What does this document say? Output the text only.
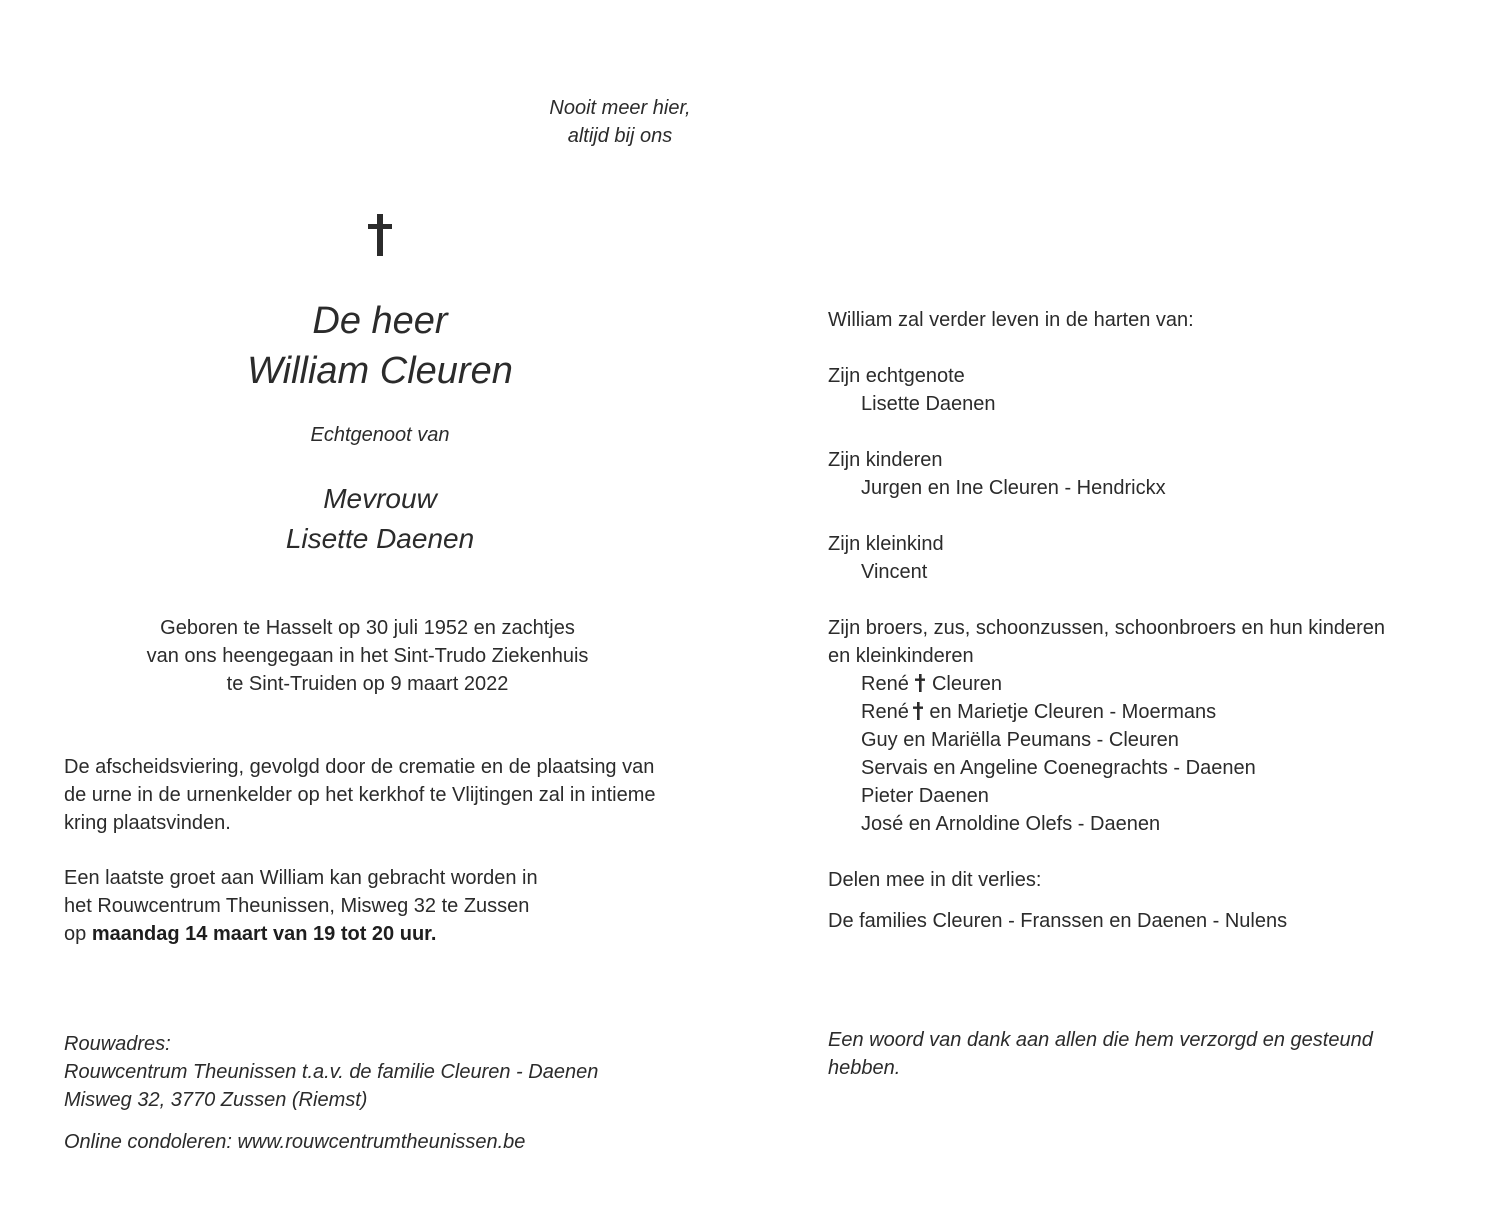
Nooit meer hier,
altijd bij ons
De heer
William Cleuren
Echtgenoot van
Mevrouw
Lisette Daenen
Geboren te Hasselt op 30 juli 1952 en zachtjes
van ons heengegaan in het Sint-Trudo Ziekenhuis
te Sint-Truiden op 9 maart 2022
De afscheidsviering, gevolgd door de crematie en de plaatsing van
de urne in de urnenkelder op het kerkhof te Vlijtingen zal in intieme
kring plaatsvinden.
Een laatste groet aan William kan gebracht worden in
het Rouwcentrum Theunissen, Misweg 32 te Zussen
op maandag 14 maart van 19 tot 20 uur.
Rouwadres:
Rouwcentrum Theunissen t.a.v. de familie Cleuren - Daenen
Misweg 32, 3770 Zussen (Riemst)
Online condoleren: www.rouwcentrumtheunissen.be
William zal verder leven in de harten van:
Zijn echtgenote
Lisette Daenen
Zijn kinderen
Jurgen en Ine Cleuren - Hendrickx
Zijn kleinkind
Vincent
Zijn broers, zus, schoonzussen, schoonbroers en hun kinderen
en kleinkinderen
René Cleuren
René en Marietje Cleuren - Moermans
Guy en Mariëlla Peumans - Cleuren
Servais en Angeline Coenegrachts - Daenen
Pieter Daenen
José en Arnoldine Olefs - Daenen
Delen mee in dit verlies:
De families Cleuren - Franssen en Daenen - Nulens
Een woord van dank aan allen die hem verzorgd en gesteund
hebben.
